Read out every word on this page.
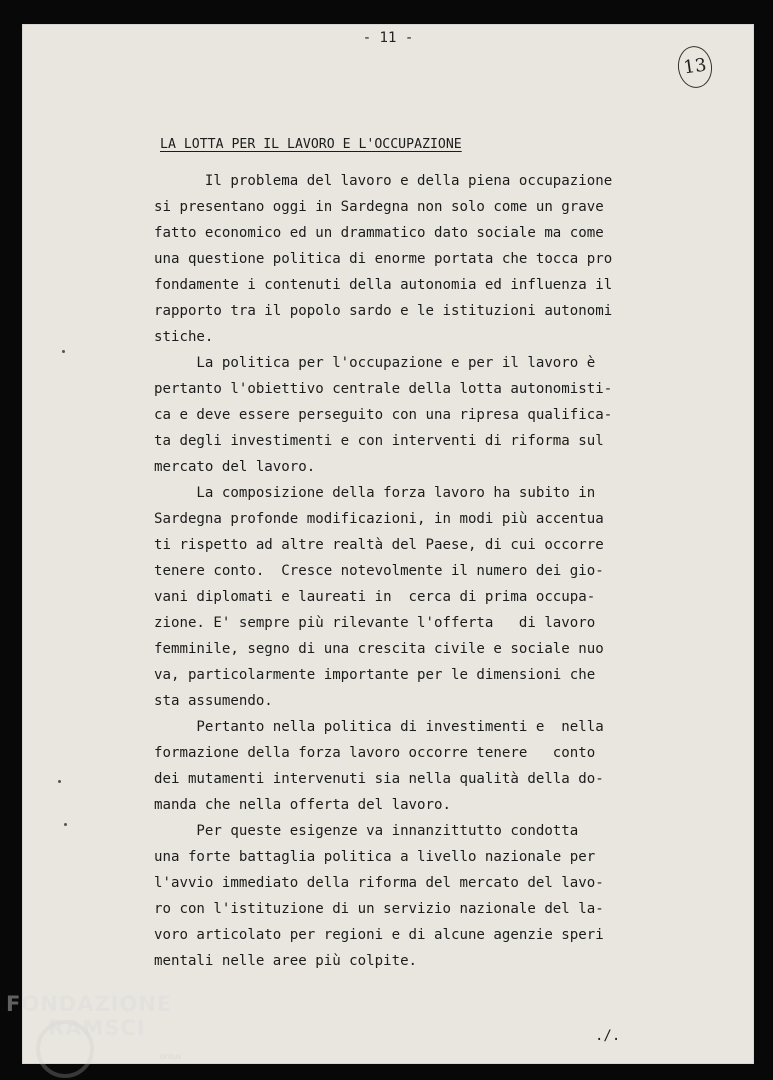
- 11 -
13
LA LOTTA PER IL LAVORO E L'OCCUPAZIONE
Il problema del lavoro e della piena occupazione
si presentano oggi in Sardegna non solo come un grave
fatto economico ed un drammatico dato sociale ma come
una questione politica di enorme portata che tocca pro
fondamente i contenuti della autonomia ed influenza il
rapporto tra il popolo sardo e le istituzioni autonomi
stiche.
La politica per l'occupazione e per il lavoro è
pertanto l'obiettivo centrale della lotta autonomisti-
ca e deve essere perseguito con una ripresa qualifica-
ta degli investimenti e con interventi di riforma sul
mercato del lavoro.
La composizione della forza lavoro ha subito in
Sardegna profonde modificazioni, in modi più accentua
ti rispetto ad altre realtà del Paese, di cui occorre
tenere conto.  Cresce notevolmente il numero dei gio-
vani diplomati e laureati in  cerca di prima occupa-
zione. E' sempre più rilevante l'offerta   di lavoro
femminile, segno di una crescita civile e sociale nuo
va, particolarmente importante per le dimensioni che
sta assumendo.
Pertanto nella politica di investimenti e  nella
formazione della forza lavoro occorre tenere   conto
dei mutamenti intervenuti sia nella qualità della do-
manda che nella offerta del lavoro.
Per queste esigenze va innanzittutto condotta
una forte battaglia politica a livello nazionale per
l'avvio immediato della riforma del mercato del lavo-
ro con l'istituzione di un servizio nazionale del la-
voro articolato per regioni e di alcune agenzie speri
mentali nelle aree più colpite.
./.
FONDAZIONE
RAMSCI
onlus
